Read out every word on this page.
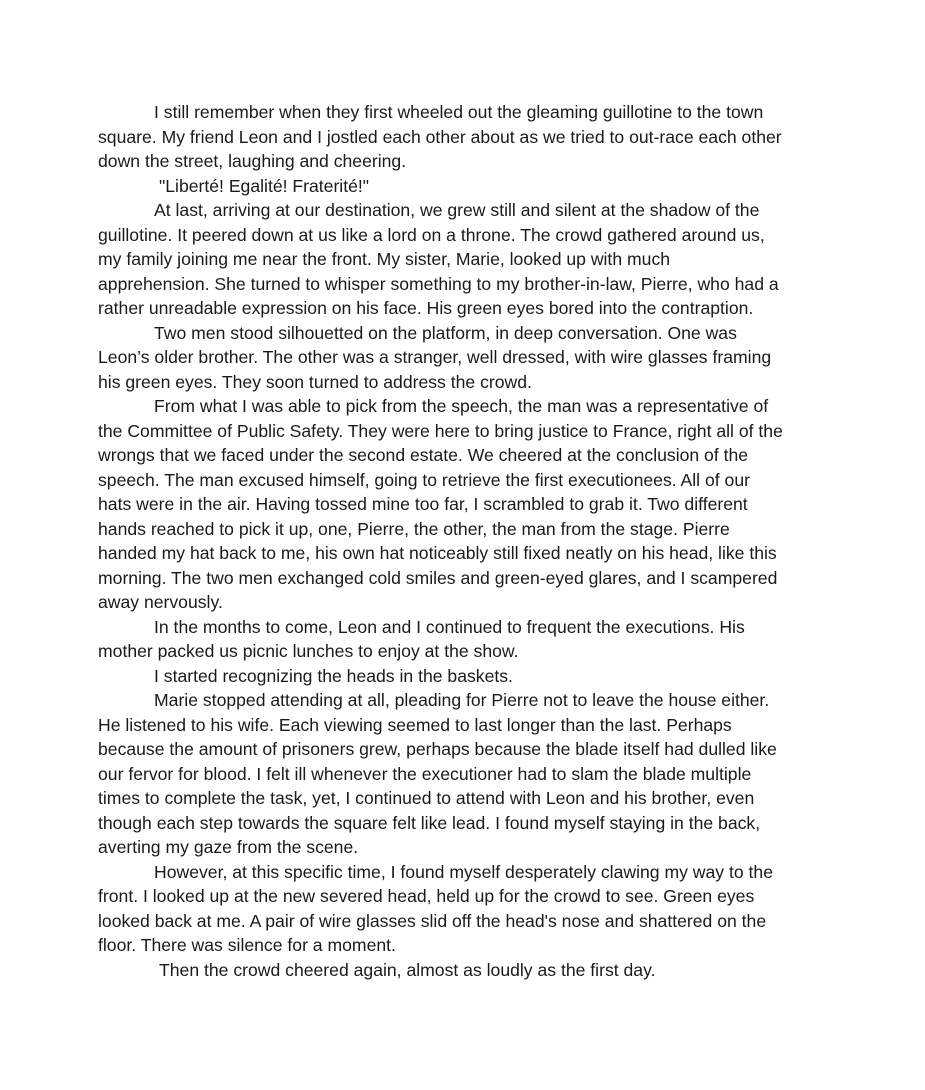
I still remember when they first wheeled out the gleaming guillotine to the town
square. My friend Leon and I jostled each other about as we tried to out-race each other
down the street, laughing and cheering.
"Liberté! Egalité! Fraterité!"
At last, arriving at our destination, we grew still and silent at the shadow of the
guillotine. It peered down at us like a lord on a throne. The crowd gathered around us,
my family joining me near the front. My sister, Marie, looked up with much
apprehension. She turned to whisper something to my brother-in-law, Pierre, who had a
rather unreadable expression on his face. His green eyes bored into the contraption.
Two men stood silhouetted on the platform, in deep conversation. One was
Leon’s older brother. The other was a stranger, well dressed, with wire glasses framing
his green eyes. They soon turned to address the crowd.
From what I was able to pick from the speech, the man was a representative of
the Committee of Public Safety. They were here to bring justice to France, right all of the
wrongs that we faced under the second estate. We cheered at the conclusion of the
speech. The man excused himself, going to retrieve the first executionees. All of our
hats were in the air. Having tossed mine too far, I scrambled to grab it. Two different
hands reached to pick it up, one, Pierre, the other, the man from the stage. Pierre
handed my hat back to me, his own hat noticeably still fixed neatly on his head, like this
morning. The two men exchanged cold smiles and green-eyed glares, and I scampered
away nervously.
In the months to come, Leon and I continued to frequent the executions. His
mother packed us picnic lunches to enjoy at the show.
I started recognizing the heads in the baskets.
Marie stopped attending at all, pleading for Pierre not to leave the house either.
He listened to his wife. Each viewing seemed to last longer than the last. Perhaps
because the amount of prisoners grew, perhaps because the blade itself had dulled like
our fervor for blood. I felt ill whenever the executioner had to slam the blade multiple
times to complete the task, yet, I continued to attend with Leon and his brother, even
though each step towards the square felt like lead. I found myself staying in the back,
averting my gaze from the scene.
However, at this specific time, I found myself desperately clawing my way to the
front. I looked up at the new severed head, held up for the crowd to see. Green eyes
looked back at me. A pair of wire glasses slid off the head's nose and shattered on the
floor. There was silence for a moment.
Then the crowd cheered again, almost as loudly as the first day.
